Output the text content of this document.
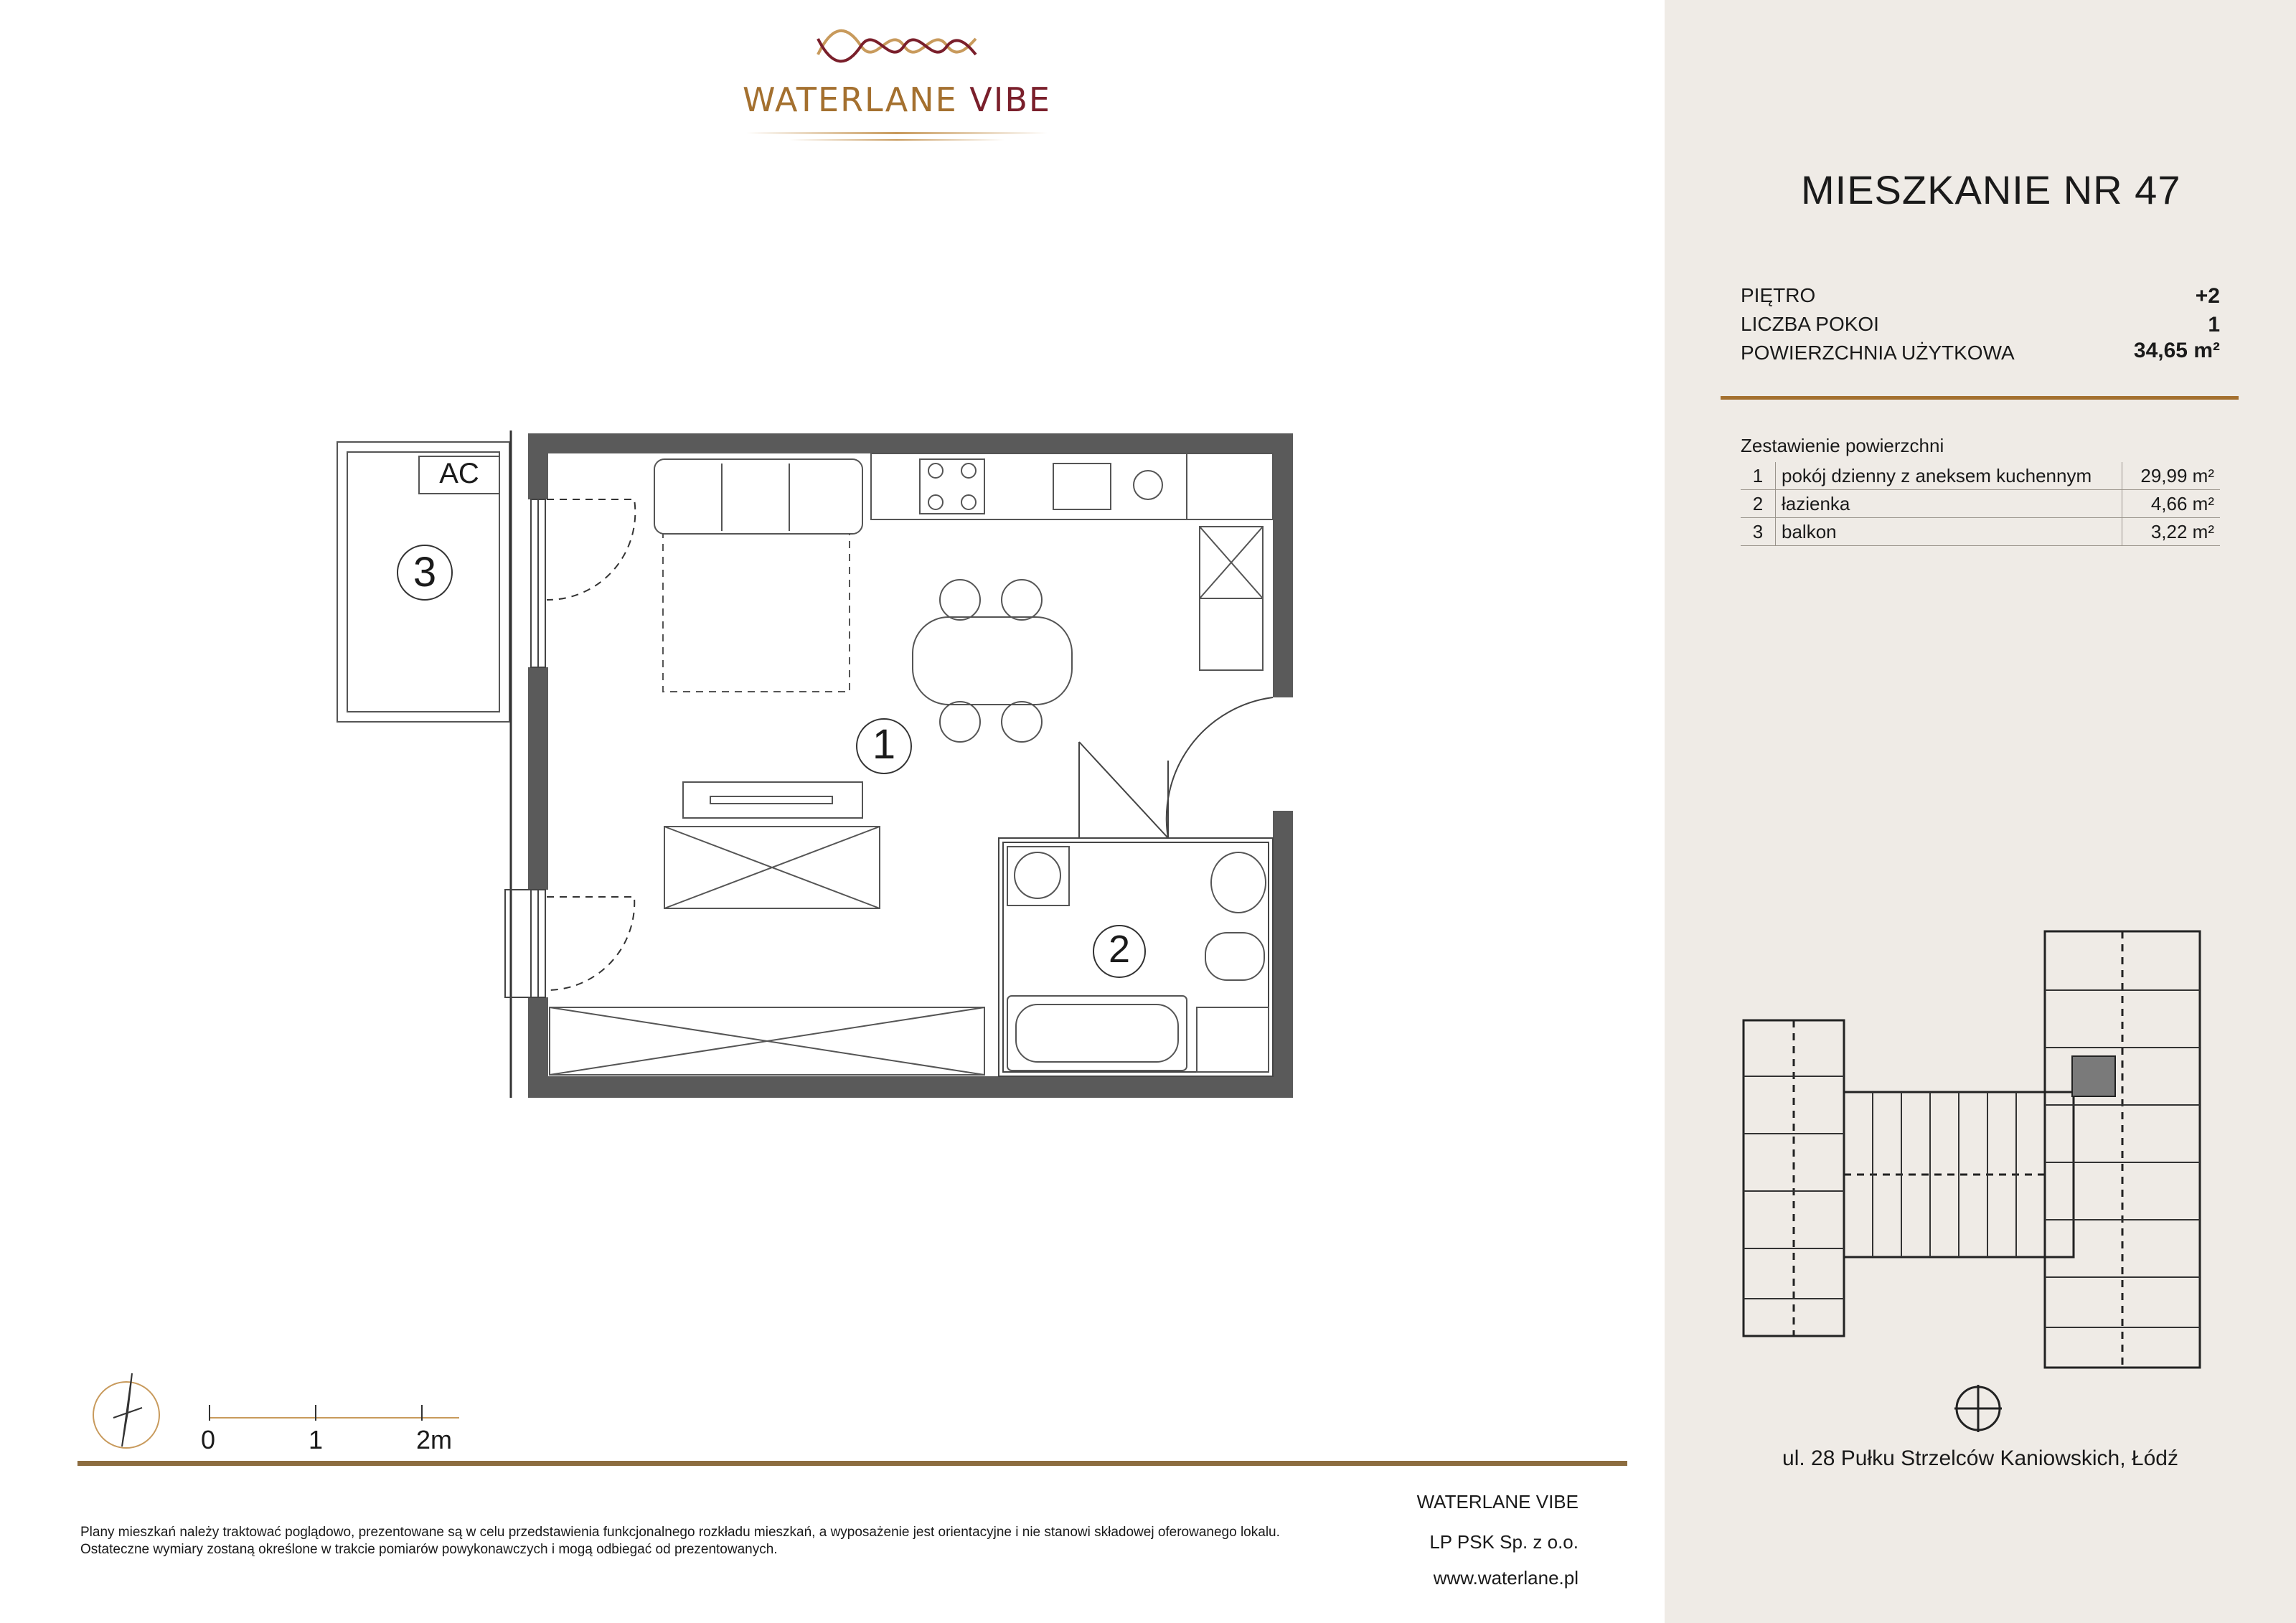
WATERLANE VIBE
1
2
3
AC
0	1	2m
Plany mieszkań należy traktować poglądowo, prezentowane są w celu przedstawienia funkcjonalnego rozkładu mieszkań, a wyposażenie jest orientacyjne i nie stanowi składowej oferowanego lokalu.
Ostateczne wymiary zostaną określone w trakcie pomiarów powykonawczych i mogą odbiegać od prezentowanych.
WATERLANE VIBE
LP PSK Sp. z o.o.
www.waterlane.pl
MIESZKANIE NR 47
PIĘTRO	+2
LICZBA POKOI	1
POWIERZCHNIA UŻYTKOWA	34,65 m²
Zestawienie powierzchni
1	pokój dzienny z aneksem kuchennym	29,99 m²
2	łazienka	4,66 m²
3	balkon	3,22 m²
ul. 28 Pułku Strzelców Kaniowskich, Łódź
